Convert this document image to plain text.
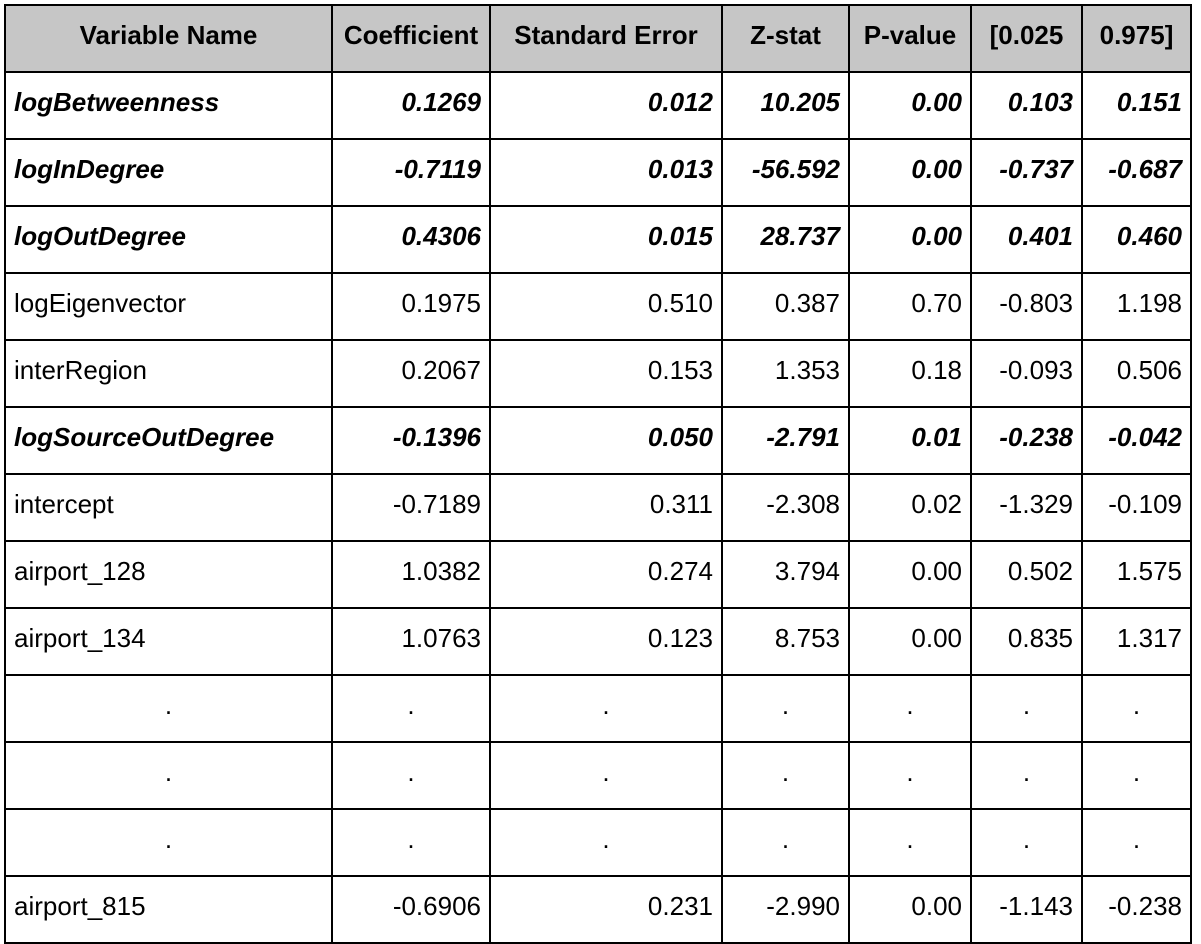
Variable Name	Coefficient	Standard Error	Z-stat	P-value	[0.025	0.975]
logBetweenness	0.1269	0.012	10.205	0.00	0.103	0.151
logInDegree	-0.7119	0.013	-56.592	0.00	-0.737	-0.687
logOutDegree	0.4306	0.015	28.737	0.00	0.401	0.460
logEigenvector	0.1975	0.510	0.387	0.70	-0.803	1.198
interRegion	0.2067	0.153	1.353	0.18	-0.093	0.506
logSourceOutDegree	-0.1396	0.050	-2.791	0.01	-0.238	-0.042
intercept	-0.7189	0.311	-2.308	0.02	-1.329	-0.109
airport_128	1.0382	0.274	3.794	0.00	0.502	1.575
airport_134	1.0763	0.123	8.753	0.00	0.835	1.317
.	.	.	.	.	.	.
.	.	.	.	.	.	.
.	.	.	.	.	.	.
airport_815	-0.6906	0.231	-2.990	0.00	-1.143	-0.238
